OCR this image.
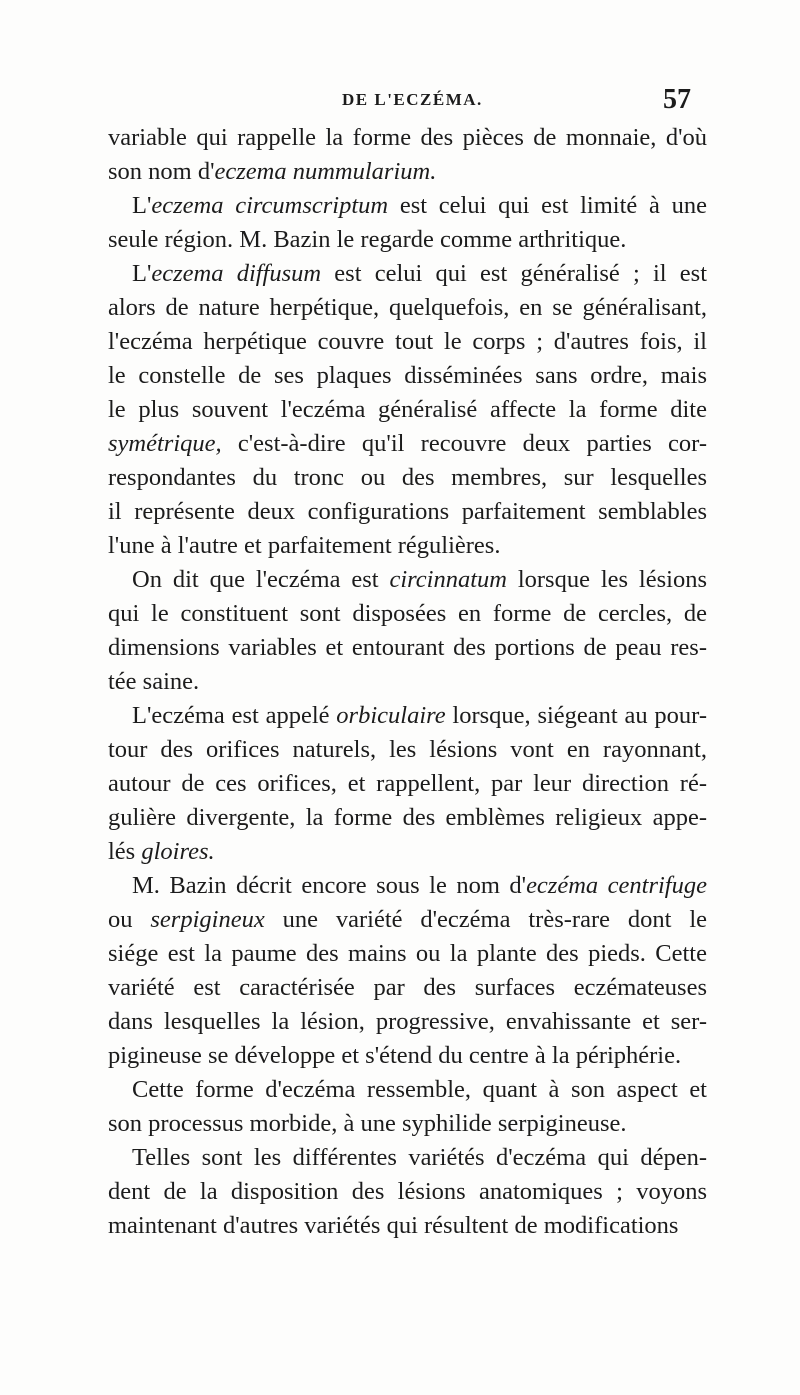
DE L'ECZÉMA.	57

variable qui rappelle la forme des pièces de monnaie, d'où
son nom d'eczema nummularium.

L'eczema circumscriptum est celui qui est limité à une
seule région. M. Bazin le regarde comme arthritique.

L'eczema diffusum est celui qui est généralisé ; il est
alors de nature herpétique, quelquefois, en se généralisant,
l'eczéma herpétique couvre tout le corps ; d'autres fois, il
le constelle de ses plaques disséminées sans ordre, mais
le plus souvent l'eczéma généralisé affecte la forme dite
symétrique, c'est-à-dire qu'il recouvre deux parties cor-
respondantes du tronc ou des membres, sur lesquelles
il représente deux configurations parfaitement semblables
l'une à l'autre et parfaitement régulières.

On dit que l'eczéma est circinnatum lorsque les lésions
qui le constituent sont disposées en forme de cercles, de
dimensions variables et entourant des portions de peau res-
tée saine.

L'eczéma est appelé orbiculaire lorsque, siégeant au pour-
tour des orifices naturels, les lésions vont en rayonnant,
autour de ces orifices, et rappellent, par leur direction ré-
gulière divergente, la forme des emblèmes religieux appe-
lés gloires.

M. Bazin décrit encore sous le nom d'eczéma centrifuge
ou serpigineux une variété d'eczéma très-rare dont le
siége est la paume des mains ou la plante des pieds. Cette
variété est caractérisée par des surfaces eczémateuses
dans lesquelles la lésion, progressive, envahissante et ser-
pigineuse se développe et s'étend du centre à la périphérie.

Cette forme d'eczéma ressemble, quant à son aspect et
son processus morbide, à une syphilide serpigineuse.

Telles sont les différentes variétés d'eczéma qui dépen-
dent de la disposition des lésions anatomiques ; voyons
maintenant d'autres variétés qui résultent de modifications
